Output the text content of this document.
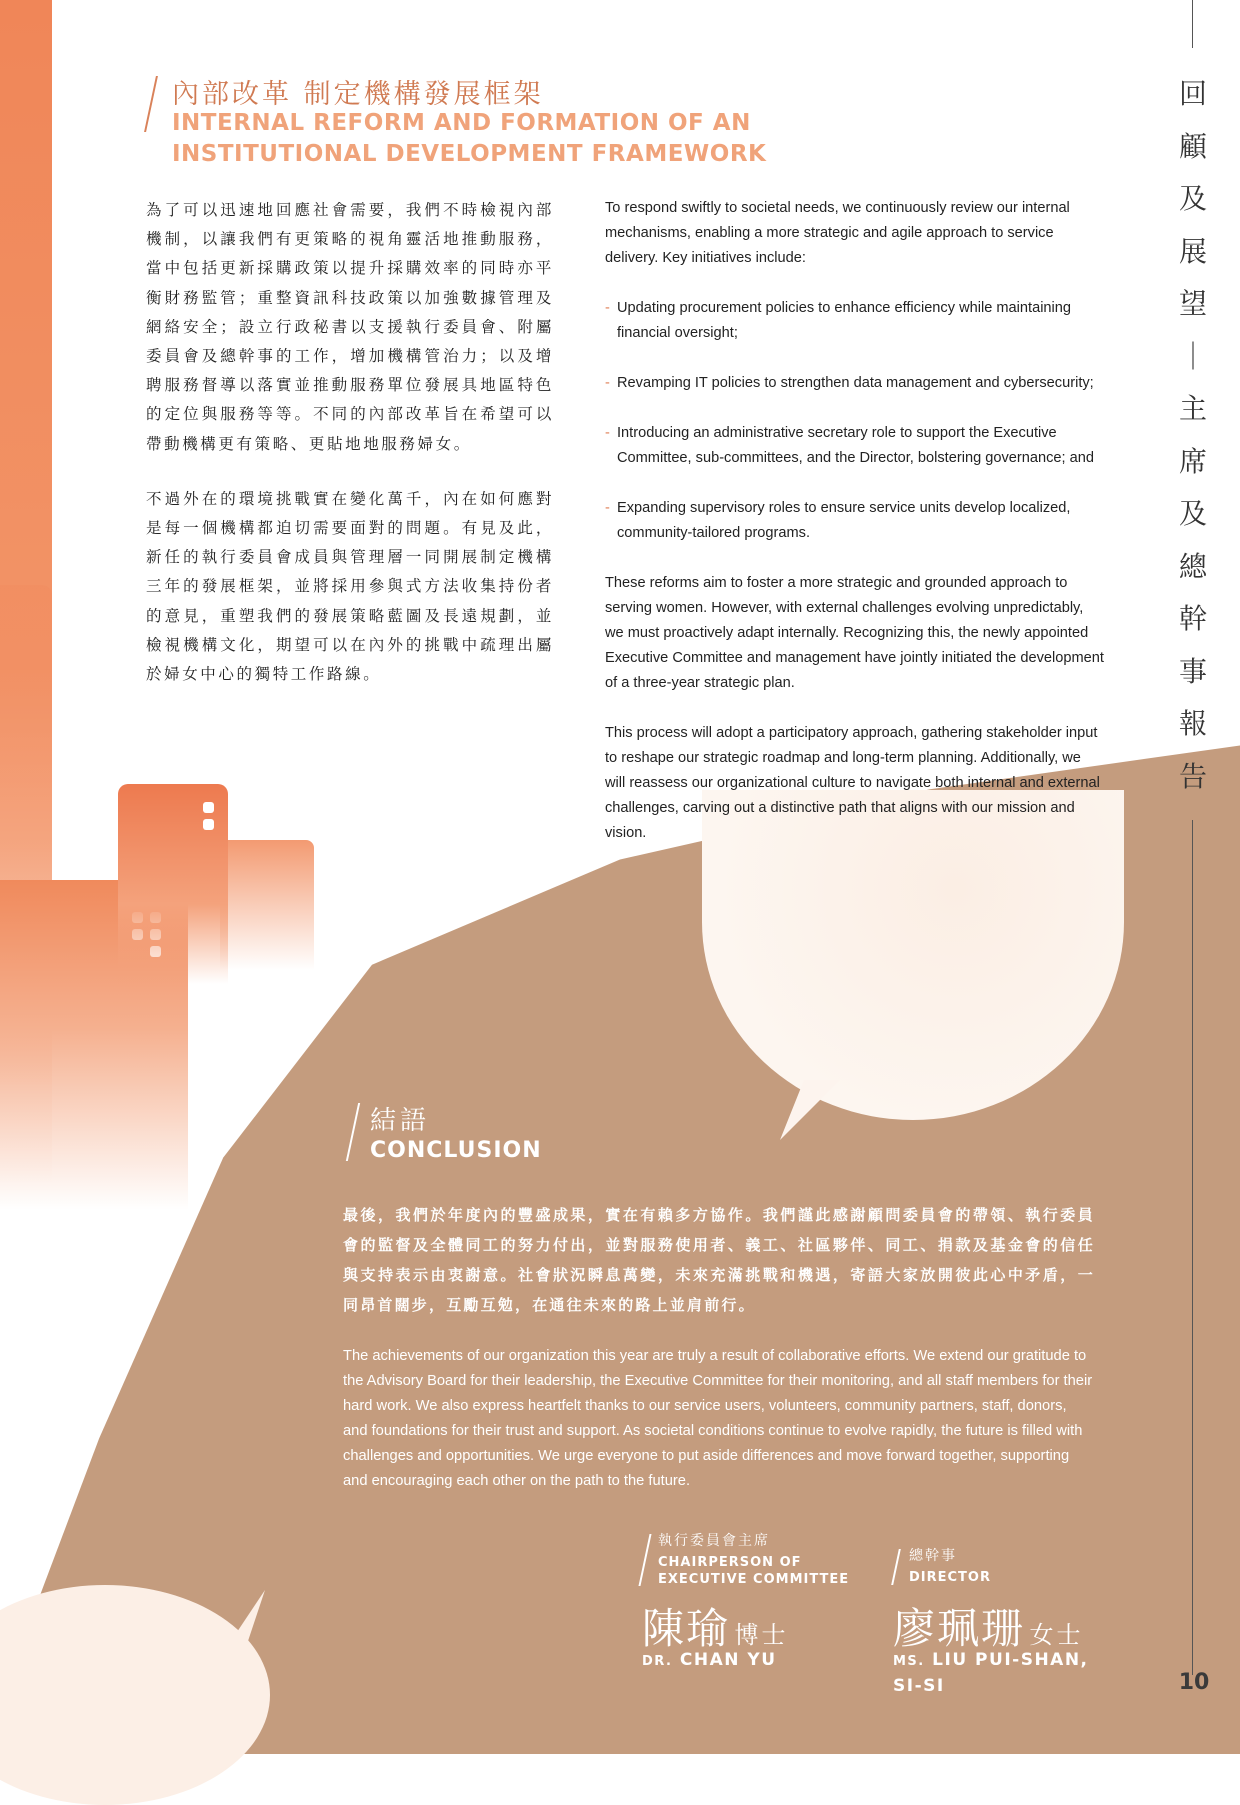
回
顧
及
展
望
｜
主
席
及
總
幹
事
報
告
10
內部改革 制定機構發展框架
INTERNAL REFORM AND FORMATION OF AN
INSTITUTIONAL DEVELOPMENT FRAMEWORK

為了可以迅速地回應社會需要，我們不時檢視內部機制，以讓我們有更策略的視角靈活地推動服務，當中包括更新採購政策以提升採購效率的同時亦平衡財務監管；重整資訊科技政策以加強數據管理及網絡安全；設立行政秘書以支援執行委員會、附屬委員會及總幹事的工作，增加機構管治力；以及增聘服務督導以落實並推動服務單位發展具地區特色的定位與服務等等。不同的內部改革旨在希望可以帶動機構更有策略、更貼地地服務婦女。

不過外在的環境挑戰實在變化萬千，內在如何應對是每一個機構都迫切需要面對的問題。有見及此，新任的執行委員會成員與管理層一同開展制定機構三年的發展框架，並將採用參與式方法收集持份者的意見，重塑我們的發展策略藍圖及長遠規劃，並檢視機構文化，期望可以在內外的挑戰中疏理出屬於婦女中心的獨特工作路線。

To respond swiftly to societal needs, we continuously review our internal mechanisms, enabling a more strategic and agile approach to service delivery. Key initiatives include:

- Updating procurement policies to enhance efficiency while maintaining financial oversight;
- Revamping IT policies to strengthen data management and cybersecurity;
- Introducing an administrative secretary role to support the Executive Committee, sub-committees, and the Director, bolstering governance; and
- Expanding supervisory roles to ensure service units develop localized, community-tailored programs.

These reforms aim to foster a more strategic and grounded approach to serving women. However, with external challenges evolving unpredictably, we must proactively adapt internally. Recognizing this, the newly appointed Executive Committee and management have jointly initiated the development of a three-year strategic plan.

This process will adopt a participatory approach, gathering stakeholder input to reshape our strategic roadmap and long-term planning. Additionally, we will reassess our organizational culture to navigate both internal and external challenges, carving out a distinctive path that aligns with our mission and vision.

結語
CONCLUSION

最後，我們於年度內的豐盛成果，實在有賴多方協作。我們謹此感謝顧問委員會的帶領、執行委員會的監督及全體同工的努力付出，並對服務使用者、義工、社區夥伴、同工、捐款及基金會的信任與支持表示由衷謝意。社會狀況瞬息萬變，未來充滿挑戰和機遇，寄語大家放開彼此心中矛盾，一同昂首闊步，互勵互勉，在通往未來的路上並肩前行。

The achievements of our organization this year are truly a result of collaborative efforts. We extend our gratitude to the Advisory Board for their leadership, the Executive Committee for their monitoring, and all staff members for their hard work. We also express heartfelt thanks to our service users, volunteers, community partners, staff, donors, and foundations for their trust and support. As societal conditions continue to evolve rapidly, the future is filled with challenges and opportunities. We urge everyone to put aside differences and move forward together, supporting and encouraging each other on the path to the future.

執行委員會主席
CHAIRPERSON OF
EXECUTIVE COMMITTEE
陳瑜 博士
DR. CHAN YU
總幹事
DIRECTOR
廖珮珊 女士
MS. LIU PUI-SHAN,
SI-SI
